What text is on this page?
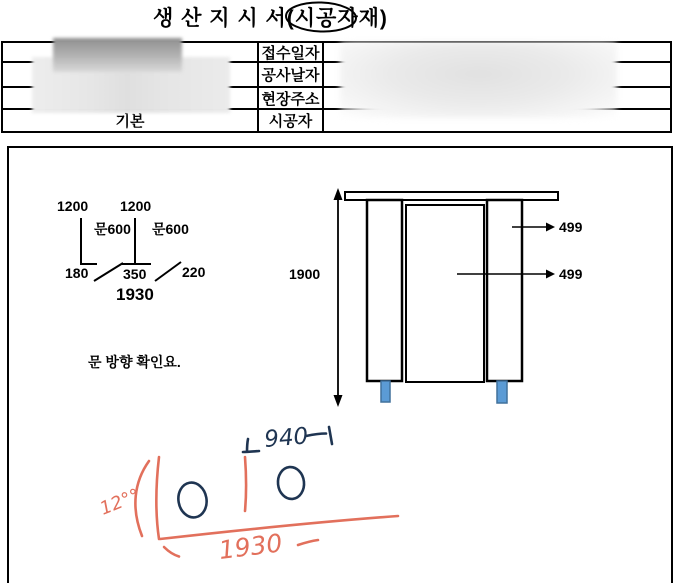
생 산 지 시 서(시공자재)
접수일자
공사날자
현장주소
기본	시공자
1200 1200
문600 문600
180 350	220
1930
1900
499
499
문 방향 확인요.
940
12°°
1930
